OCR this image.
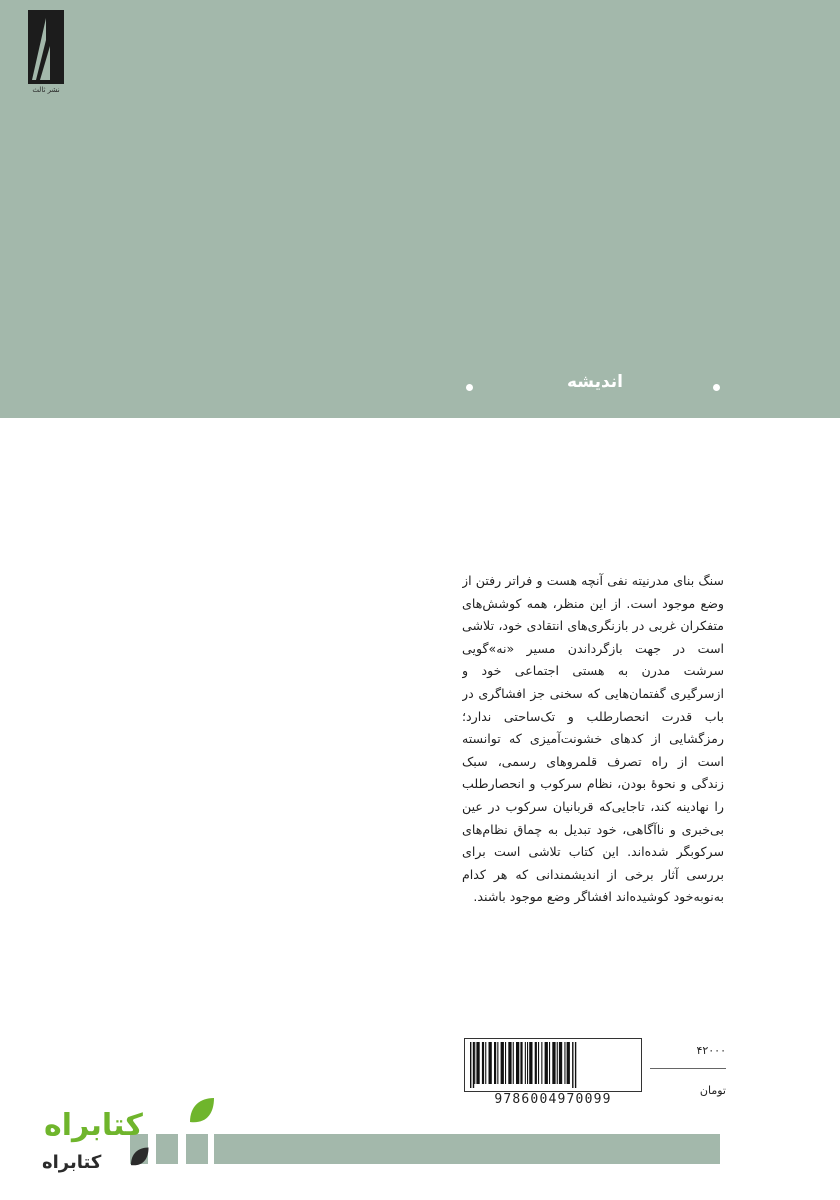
نشر ثالث
اندیشه
سنگ بنای مدرنیته نفی آنچه هست و فراتر رفتن از وضع موجود است. از این منظر، همه کوشش‌های متفکران غربی در بازنگری‌های انتقادی خود، تلاشی است در جهت بازگرداندن مسیر «نه»گویی سرشت مدرن به هستی اجتماعی خود و ازسرگیری گفتمان‌هایی که سخنی جز افشاگری در باب قدرت انحصارطلب و تک‌ساحتی ندارد؛ رمزگشایی از کدهای خشونت‌آمیزی که توانسته است از راه تصرف قلمروهای رسمی، سبک زندگی و نحوهٔ بودن، نظام سرکوب و انحصارطلب را نهادینه کند، تاجایی‌که قربانیان سرکوب در عین بی‌خبری و ناآگاهی، خود تبدیل به چماق نظام‌های سرکوبگر شده‌اند. این کتاب تلاشی است برای بررسی آثار برخی از اندیشمندانی که هر کدام به‌نوبه‌خود کوشیده‌اند افشاگر وضع موجود باشند.
9786004970099
۴۲۰۰۰
تومان
کتابراه
کتابراه
